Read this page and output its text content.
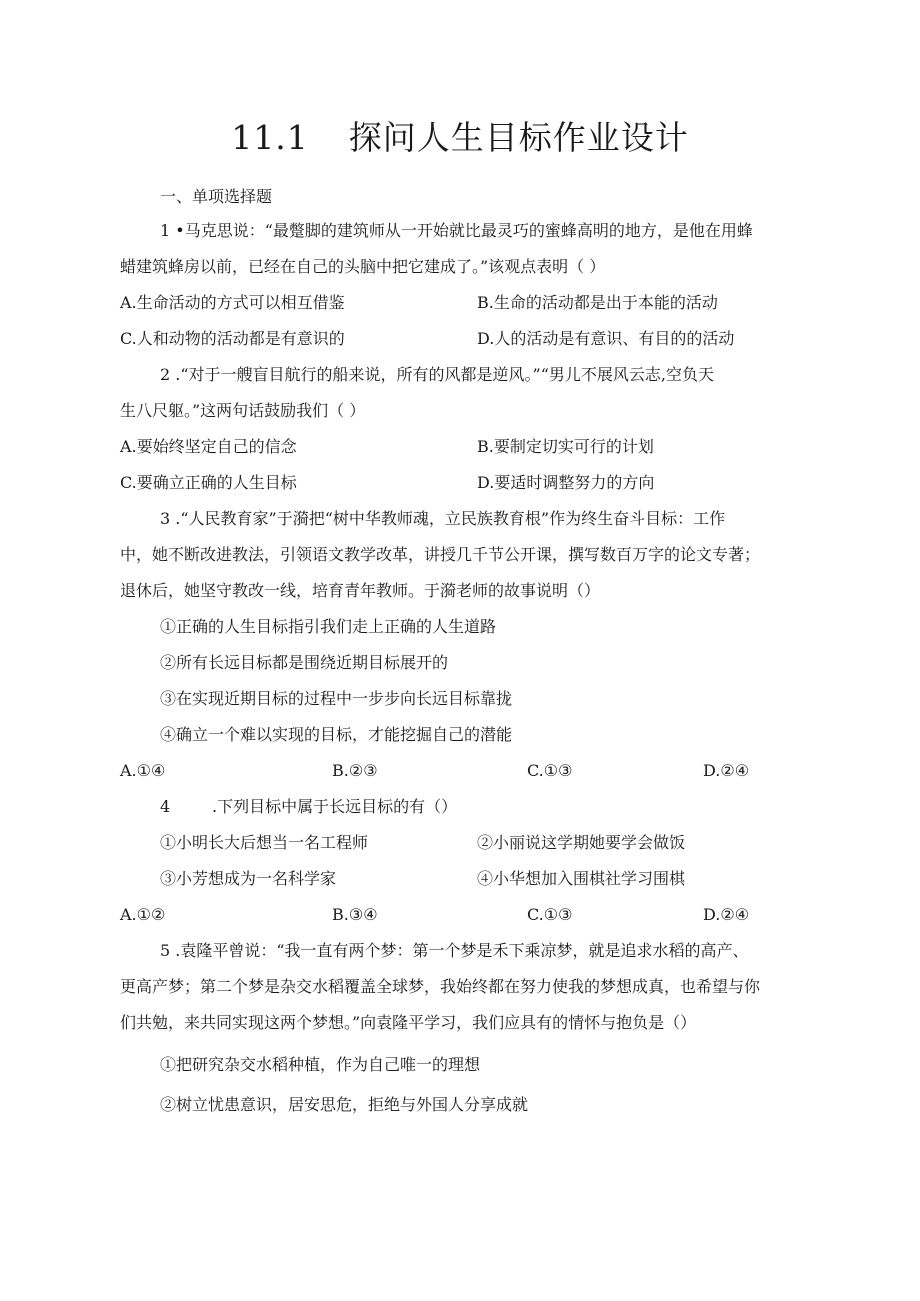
11.1 探问人生目标作业设计
一、单项选择题
1 •马克思说：“最蹩脚的建筑师从一开始就比最灵巧的蜜蜂高明的地方，是他在用蜂
蜡建筑蜂房以前，已经在自己的头脑中把它建成了。”该观点表明（ ）
A.生命活动的方式可以相互借鉴	B.生命的活动都是出于本能的活动
C.人和动物的活动都是有意识的	D.人的活动是有意识、有目的的活动
2 .“对于一艘盲目航行的船来说，所有的风都是逆风。”“男儿不展风云志,空负天
生八尺躯。”这两句话鼓励我们（ ）
A.要始终坚定自己的信念	B.要制定切实可行的计划
C.要确立正确的人生目标	D.要适时调整努力的方向
3 .“人民教育家”于漪把“树中华教师魂，立民族教育根”作为终生奋斗目标：工作
中，她不断改进教法，引领语文教学改革，讲授几千节公开课，撰写数百万字的论文专著；
退休后，她坚守教改一线，培育青年教师。于漪老师的故事说明（）
①正确的人生目标指引我们走上正确的人生道路
②所有长远目标都是围绕近期目标展开的
③在实现近期目标的过程中一步步向长远目标靠拢
④确立一个难以实现的目标，才能挖掘自己的潜能
A.①④	B.②③	C.①③	D.②④
4	.下列目标中属于长远目标的有（）
①小明长大后想当一名工程师	②小丽说这学期她要学会做饭
③小芳想成为一名科学家	④小华想加入围棋社学习围棋
A.①②	B.③④	C.①③	D.②④
5 .袁隆平曾说：“我一直有两个梦：第一个梦是禾下乘凉梦，就是追求水稻的高产、
更高产梦；第二个梦是杂交水稻覆盖全球梦，我始终都在努力使我的梦想成真，也希望与你
们共勉，来共同实现这两个梦想。”向袁隆平学习，我们应具有的情怀与抱负是（）
①把研究杂交水稻种植，作为自己唯一的理想
②树立忧患意识，居安思危，拒绝与外国人分享成就
